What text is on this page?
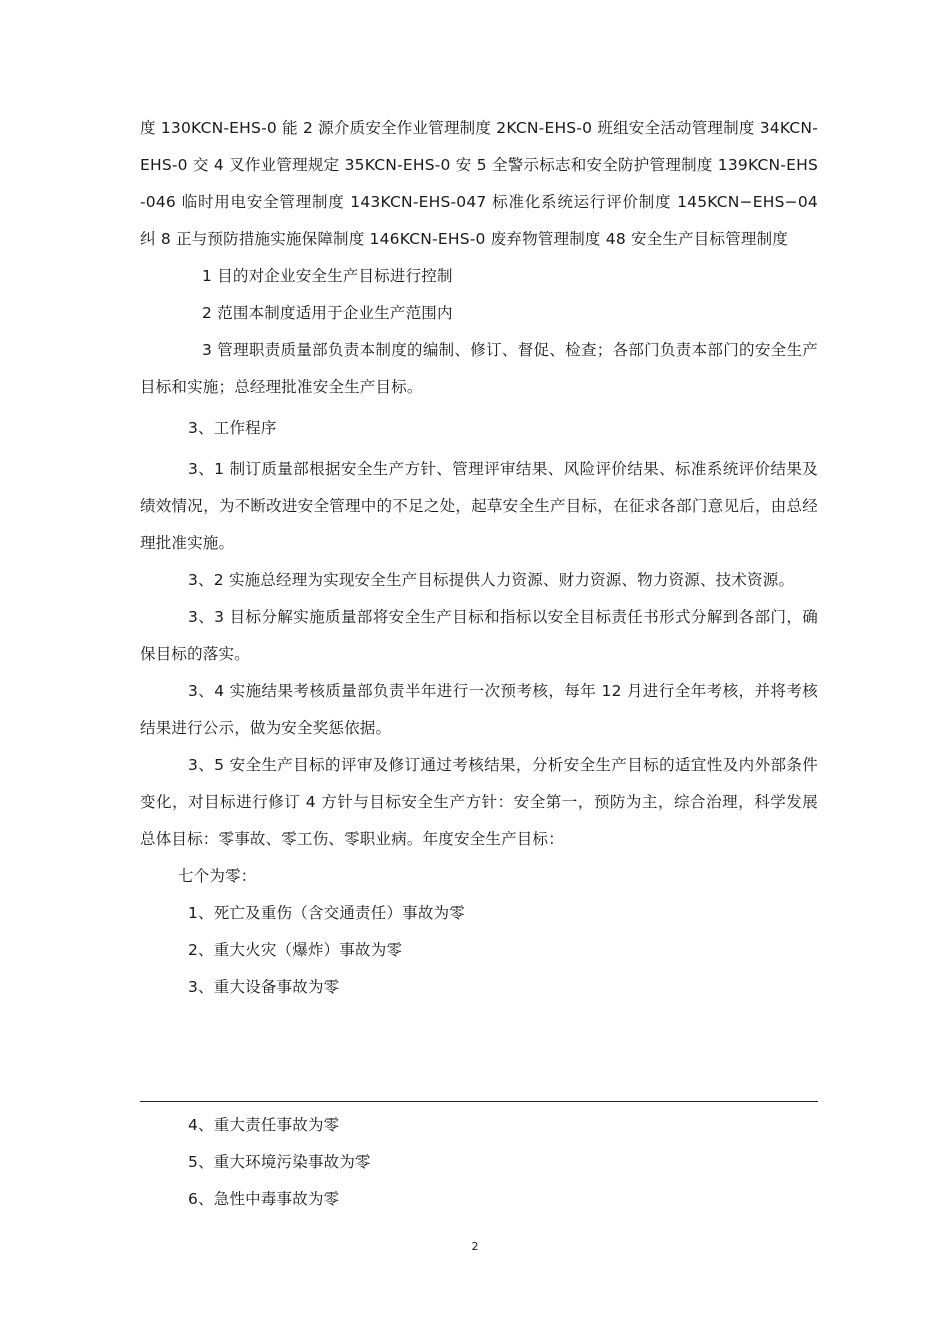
度 130KCN-EHS-0 能 2 源介质安全作业管理制度 2KCN-EHS-0 班组安全活动管理制度 34KCN-EHS-0 交 4 叉作业管理规定 35KCN-EHS-0 安 5 全警示标志和安全防护管理制度 139KCN-EHS-046 临时用电安全管理制度 143KCN-EHS-047 标准化系统运行评价制度 145KCN−EHS−04 纠 8 正与预防措施实施保障制度 146KCN-EHS-0 废弃物管理制度 48 安全生产目标管理制度

1 目的对企业安全生产目标进行控制

2 范围本制度适用于企业生产范围内

3 管理职责质量部负责本制度的编制、修订、督促、检查；各部门负责本部门的安全生产目标和实施；总经理批准安全生产目标。

3、工作程序

3、1 制订质量部根据安全生产方针、管理评审结果、风险评价结果、标准系统评价结果及绩效情况，为不断改进安全管理中的不足之处，起草安全生产目标，在征求各部门意见后，由总经理批准实施。

3、2 实施总经理为实现安全生产目标提供人力资源、财力资源、物力资源、技术资源。

3、3 目标分解实施质量部将安全生产目标和指标以安全目标责任书形式分解到各部门，确保目标的落实。

3、4 实施结果考核质量部负责半年进行一次预考核，每年 12 月进行全年考核，并将考核结果进行公示，做为安全奖惩依据。

3、5 安全生产目标的评审及修订通过考核结果，分析安全生产目标的适宜性及内外部条件变化，对目标进行修订 4 方针与目标安全生产方针：安全第一，预防为主，综合治理，科学发展总体目标：零事故、零工伤、零职业病。年度安全生产目标：

七个为零：

1、死亡及重伤（含交通责任）事故为零

2、重大火灾（爆炸）事故为零

3、重大设备事故为零

4、重大责任事故为零

5、重大环境污染事故为零

6、急性中毒事故为零

2
